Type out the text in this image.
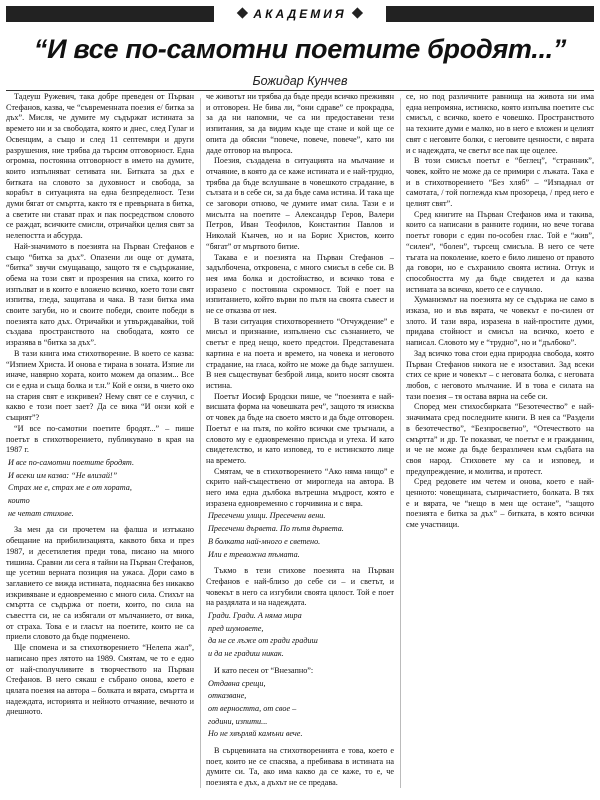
АКАДЕМИЯ
“И все по-самотни поетите бродят...”
Божидар Кунчев

Тадеуш Ружевич, така добре преведен от Първан Стефанов, казва, че “съвременната поезия е/ битка за дъх”. Мисля, че думите му съдържат истината за времето ни и за свободата, която и днес, след Гулаг и Освенцим, а също и след 11 септември и други разрушения, ние трябва да търсим отговорност. Една огромна, постоянна отговорност в името на думите, които изпълняват сетивата ни. Битката за дъх е битката на словото за духовност и свобода, за корабът в ситуацията на една безпределност. Тези думи бягат от смъртта, както тя е превърната в битка, а светите ни стават прах и пак посредством словото се раждат, всичките смисли, отричайки целия свят за нелепостта и абсурда.

Най-значимото в поезията на Първан Стефанов е също “битка за дъх”. Опазени ли още от думата, “битка” звучи смущаващо, защото тя е съдържание, обема на този свят и прозрения на стиха, които го изпълват и в които е вложено всичко, което този свят изпитва, гледа, защитава и чака. В тази битка има своите загуби, но и своите победи, своите победи в поезията като дъх. Отричайки и утвърждавайки, той създава пространството на свободата, която се изразява в “битка за дъх”.

В тази книга има стихотворение. В което се казва: “Изпием Христа. И онова е тирана в зоната. Изпие ли иначе, навярно хората, които можем да опазим... Все си е една и съща болка и т.н.” Кой е онзи, в чието око на стария свят е изкривен? Нему свят се е случил, с какво е този поет зает? Да се вика “И онзи кой е същият”?

“И все по-самотни поетите бродят...” – пише поетът в стихотворението, публикувано в края на 1987 г.

И все по-самотни поетите бродят.

И всеки им казва: “Не влизай!”

Страх ме е, страх ме е от хората,

които

не четат стихове.

За мен да си прочетем на фалша и изтъкано обещание на прибилизацията, каквото бяха и през 1987, и десетилетия преди това, писано на много тишина. Сравни ли сега я тайни на Първан Стефанов, ще усетиш верната позиция на ужаса. Дори само в заглавието се вижда истината, поднасяна без никакво изкривяване и едновременно с много сила. Стихът на смъртта се съдържа от поети, които, по сила на съвестта си, не са избягали от мълчанието, от вика, от страха. Това е и гласът на поетите, които не са приели словото да бъде подменено.

Ще спомена и за стихотворението “Нелепа жал”, написано през лятото на 1989. Смятам, че то е едно от най-сполучливите в творчеството на Първан Стефанов. В него сякаш е събрано онова, което е цялата поезия на автора – болката и вярата, смъртта и надеждата, историята и нейното отчаяние, вечното и днешното.

че животът ни трябва да бъде преди всичко преживян и отговорен. Не бива ли, “они сдраве” се прокрадва, за да ни напомни, че са ни предоставени тези изпитания, за да видим къде ще стане и кой ще се опита да обясни “повече, повече, повече”, като ни даде отговор на въпроса.

Поезия, създадена в ситуацията на мълчание и отчаяние, в която да се каже истината и е най-трудно, трябва да бъде вслушване в човешкото страдание, в сълзата и в себе си, за да бъде сама истина. И така ще се заговори отново, че думите имат сила. Тази е и мисълта на поетите – Александър Геров, Валери Петров, Иван Теофилов, Константин Павлов и Николай Кънчев, но и на Борис Христов, които “бягат” от мъртвото битие.

Такава е и поезията на Първан Стефанов – задълбочена, откровена, с много смисъл в себе си. В нея има болка и достойнство, и всичко това е изразено с постоянна скромност. Той е поет на изпитанието, който върви по пътя на своята съвест и не се отказва от нея.

В тази ситуация стихотворението “Отчуждение” е мисъл и признание, изпълнено със съзнанието, че светът е пред нещо, което предстои. Представената картина е на поета и времето, на човека и неговото страдание, на гласа, който не може да бъде заглушен. В нея съществуват безброй лица, които носят своята истина.

Поетът Иосиф Бродски пише, че “поезията е най-висшата форма на човешката реч”, защото тя изисква от човек да бъде на своето място и да бъде отговорен. Поетът е на пътя, по който всички сме тръгнали, а словото му е едновременно присъда и утеха. И като свидетелство, и като изповед, то е истинското лице на времето.

Смятам, че в стихотворението “Ако няма нищо” е скрито най-съществено от мирогледа на автора. В него има една дълбока вътрешна мъдрост, която е изразена едновременно с горчивина и с вяра.

Пресечени улици. Пресечени вени.

Пресечени дървета. По пътя дървета.

В болката най-много е светено.

Или е тревожна тъмата.

Тъкмо в тези стихове поезията на Първан Стефанов е най-близо до себе си – и светът, и човекът в него са изгубили своята цялост. Той е поет на раздялата и на надеждата.

Гради. Гради. А няма мира

пред шумовете,

да не се лъже от гради градиш

и да не градиш никак.

И като песен от “Внезапно”:

Отдавна срещи,

отказване,

от верността, от свое –

години, изпити...

Но не хвърляй камъни вече.

В сърцевината на стихотворенията е това, което е поет, които не се спасява, а пребивава в истината на думите си. Та, ако има какво да се каже, то е, че поезията е дъх, а дъхът не се предава.

се, но под различните равнища на живота ни има една непромяна, истинско, която изпълва поетите със смисъл, с всичко, което е човешко. Пространството на техните думи е малко, но в него е вложен и целият свят с неговите болки, с неговите ценности, с вярата и с надеждата, че светът все пак ще оцелее.

В този смисъл поетът е “беглец”, “странник”, човек, който не може да се примири с лъжата. Така е и в стихотворението “Без хляб” – “Изпаднал от самотата, / той поглежда към прозореца, / пред него е целият свят”.

Сред книгите на Първан Стефанов има и такива, които са написани в ранните години, но вече тогава поетът говори с един по-особен глас. Той е “жив”, “силен”, “болен”, търсещ смисъла. В него се чете тъгата на поколение, което е било лишено от правото да говори, но е съхранило своята истина. Оттук и способността му да бъде свидетел и да казва истината за всичко, което се е случило.

Хуманизмът на поезията му се съдържа не само в изказа, но и във вярата, че човекът е по-силен от злото. И тази вяра, изразена в най-простите думи, придава стойност и смисъл на всичко, което е написал. Словото му е “трудно”, но и “дълбоко”.

Зад всичко това стои една природна свобода, която Първан Стефанов никога не е изоставил. Зад всеки стих се крие и човекът – с неговата болка, с неговата любов, с неговото мълчание. И в това е силата на тази поезия – тя остава вярна на себе си.

Според мен стихосбирката “Безотечество” е най-значимата сред последните книги. В нея са “Раздели в безотечество”, “Безпросветно”, “Отечеството на смъртта” и др. Те показват, че поетът е и гражданин, и че не може да бъде безразличен към съдбата на своя народ. Стиховете му са и изповед, и предупреждение, и молитва, и протест.

Сред редовете им четем и онова, което е най-ценното: човещината, съпричастието, болката. В тях е и вярата, че “нещо в мен ще остане”, “защото поезията е битка за дъх” – битката, в която всички сме участници.
